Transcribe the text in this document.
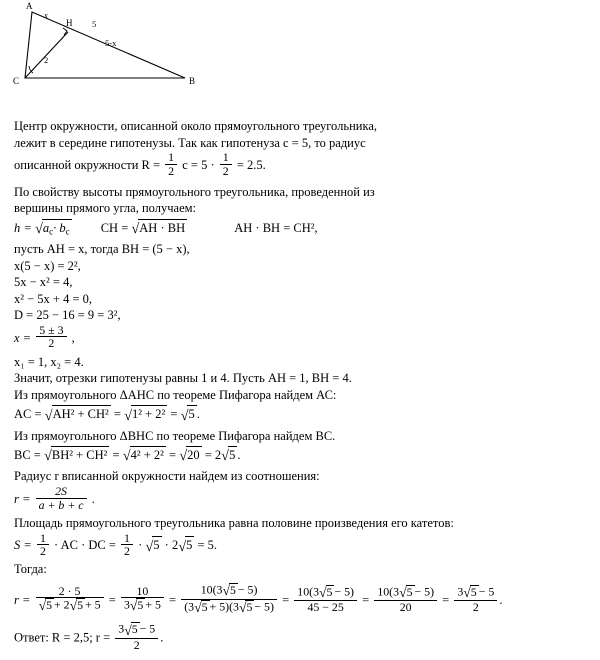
A
B
C
H
x
5
5-x
2
Центр окружности, описанной около прямоугольного треугольника,
лежит в середине гипотенузы. Так как гипотенуза c = 5, то радиус
описанной окружности $R = \frac{1}{2}$ $c = 5 \cdot \frac{1}{2} = 2.5$.
По свойству высоты прямоугольного треугольника, проведенной из
вершины прямого угла, получаем:
$h = √a_c\cdot b_c$ CH = √AH · BH	AH · BH = CH²,
пусть AH = x, тогда BH = (5 − x),
x(5 − x) = 2²,
5x − x² = 4,
x² − 5x + 4 = 0,
D = 25 − 16 = 9 = 3²,
$x = \frac{5 \pm 3}{2}$ ,
x₁ = 1, x₂ = 4.
Значит, отрезки гипотенузы равны 1 и 4. Пусть AH = 1, BH = 4.
Из прямоугольного ΔАНС по теореме Пифагора найдем АС:
AC = √AH² + CH² = √1² + 2² = √5 .
Из прямоугольного ΔВНС по теореме Пифагора найдем ВС.
BC = √BH² + CH² = √4² + 2² = √20 = 2√5 .
Радиус r вписанной окружности найдем из соотношения:
$r = \frac{2S}{a + b + c}$ .
Площадь прямоугольного треугольника равна половине произведения его катетов:
$S = \frac{1}{2}$ · AC · DC = $\frac{1}{2} \cdot √5 \cdot 2√5 = 5$.
Тогда:
$r = \frac{2 \cdot 5}{√5 + 2√5 + 5} = \frac{10}{3√5 + 5} = \frac{10(3√5 - 5)}{(3√5 + 5)(3√5 - 5)} = \frac{10(3√5 - 5)}{45 - 25} = \frac{10(3√5 - 5)}{20} = \frac{3√5 - 5}{2}$ .
Ответ: R = 2,5; $r = \frac{3√5 - 5}{2}$ .
